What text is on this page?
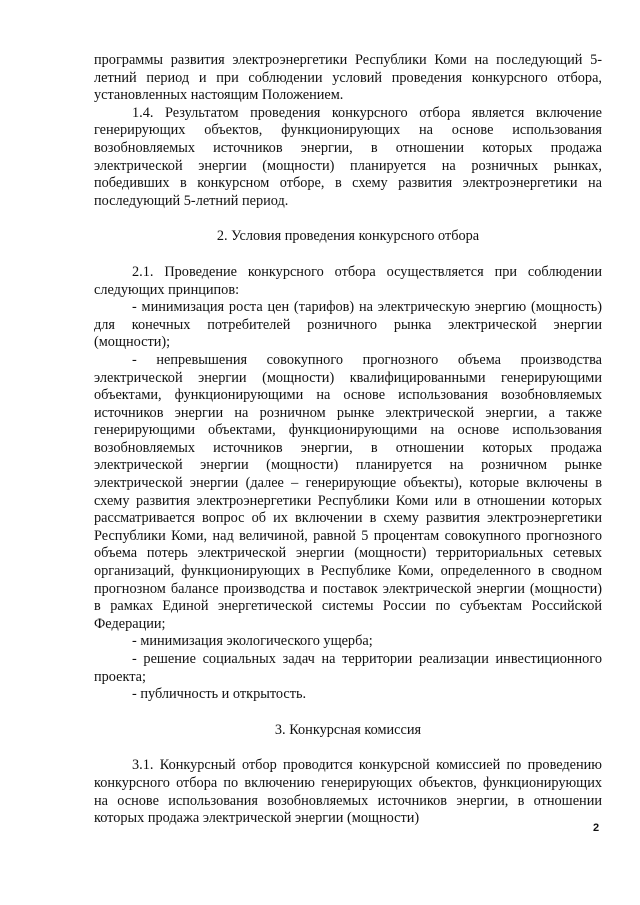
программы развития электроэнергетики Республики Коми на последующий 5-летний период и при соблюдении условий проведения конкурсного отбора, установленных настоящим Положением.

1.4. Результатом проведения конкурсного отбора является включение генерирующих объектов, функционирующих на основе использования возобновляемых источников энергии, в отношении которых продажа электрической энергии (мощности) планируется на розничных рынках, победивших в конкурсном отборе, в схему развития электроэнергетики на последующий 5-летний период.

2. Условия проведения конкурсного отбора

2.1. Проведение конкурсного отбора осуществляется при соблюдении следующих принципов:

- минимизация роста цен (тарифов) на электрическую энергию (мощность) для конечных потребителей розничного рынка электрической энергии (мощности);

- непревышения совокупного прогнозного объема производства электрической энергии (мощности) квалифицированными генерирующими объектами, функционирующими на основе использования возобновляемых источников энергии на розничном рынке электрической энергии, а также генерирующими объектами, функционирующими на основе использования возобновляемых источников энергии, в отношении которых продажа электрической энергии (мощности) планируется на розничном рынке электрической энергии (далее – генерирующие объекты), которые включены в схему развития электроэнергетики Республики Коми или в отношении которых рассматривается вопрос об их включении в схему развития электроэнергетики Республики Коми, над величиной, равной 5 процентам совокупного прогнозного объема потерь электрической энергии (мощности) территориальных сетевых организаций, функционирующих в Республике Коми, определенного в сводном прогнозном балансе производства и поставок электрической энергии (мощности) в рамках Единой энергетической системы России по субъектам Российской Федерации;

- минимизация экологического ущерба;

- решение социальных задач на территории реализации инвестиционного проекта;

- публичность и открытость.

3. Конкурсная комиссия

3.1. Конкурсный отбор проводится конкурсной комиссией по проведению конкурсного отбора по включению генерирующих объектов, функционирующих на основе использования возобновляемых источников энергии, в отношении которых продажа электрической энергии (мощности)

2
